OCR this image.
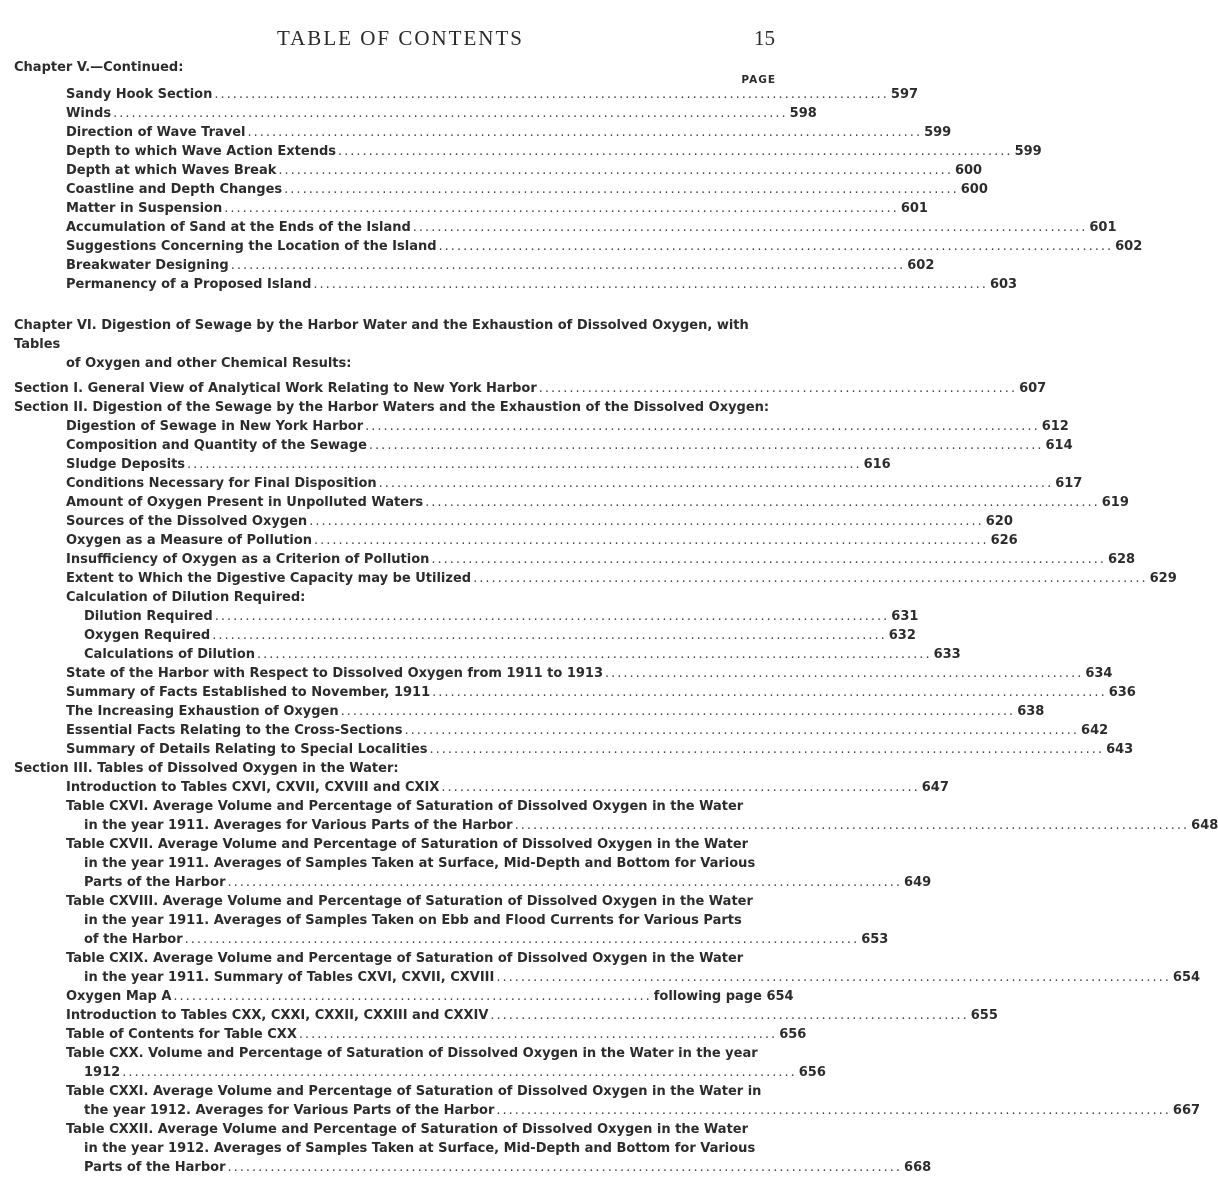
TABLE OF CONTENTS	15
Chapter V.—Continued:
PAGE
Sandy Hook Section .............................................................................................................. 597
Winds .............................................................................................................. 598
Direction of Wave Travel .............................................................................................................. 599
Depth to which Wave Action Extends .............................................................................................................. 599
Depth at which Waves Break .............................................................................................................. 600
Coastline and Depth Changes .............................................................................................................. 600
Matter in Suspension .............................................................................................................. 601
Accumulation of Sand at the Ends of the Island .............................................................................................................. 601
Suggestions Concerning the Location of the Island .............................................................................................................. 602
Breakwater Designing .............................................................................................................. 602
Permanency of a Proposed Island .............................................................................................................. 603
Chapter VI. Digestion of Sewage by the Harbor Water and the Exhaustion of Dissolved Oxygen, with Tables
of Oxygen and other Chemical Results:
Section I. General View of Analytical Work Relating to New York Harbor .............................................................................. 607
Section II. Digestion of the Sewage by the Harbor Waters and the Exhaustion of the Dissolved Oxygen:
Digestion of Sewage in New York Harbor .............................................................................................................. 612
Composition and Quantity of the Sewage .............................................................................................................. 614
Sludge Deposits .............................................................................................................. 616
Conditions Necessary for Final Disposition .............................................................................................................. 617
Amount of Oxygen Present in Unpolluted Waters .............................................................................................................. 619
Sources of the Dissolved Oxygen .............................................................................................................. 620
Oxygen as a Measure of Pollution .............................................................................................................. 626
Insufficiency of Oxygen as a Criterion of Pollution .............................................................................................................. 628
Extent to Which the Digestive Capacity may be Utilized .............................................................................................................. 629
Calculation of Dilution Required:
Dilution Required .............................................................................................................. 631
Oxygen Required .............................................................................................................. 632
Calculations of Dilution .............................................................................................................. 633
State of the Harbor with Respect to Dissolved Oxygen from 1911 to 1913 .............................................................................. 634
Summary of Facts Established to November, 1911 .............................................................................................................. 636
The Increasing Exhaustion of Oxygen .............................................................................................................. 638
Essential Facts Relating to the Cross-Sections .............................................................................................................. 642
Summary of Details Relating to Special Localities .............................................................................................................. 643
Section III. Tables of Dissolved Oxygen in the Water:
Introduction to Tables CXVI, CXVII, CXVIII and CXIX .............................................................................. 647
Table CXVI. Average Volume and Percentage of Saturation of Dissolved Oxygen in the Water
in the year 1911. Averages for Various Parts of the Harbor .............................................................................................................. 648
Table CXVII. Average Volume and Percentage of Saturation of Dissolved Oxygen in the Water
in the year 1911. Averages of Samples Taken at Surface, Mid-Depth and Bottom for Various
Parts of the Harbor .............................................................................................................. 649
Table CXVIII. Average Volume and Percentage of Saturation of Dissolved Oxygen in the Water
in the year 1911. Averages of Samples Taken on Ebb and Flood Currents for Various Parts
of the Harbor .............................................................................................................. 653
Table CXIX. Average Volume and Percentage of Saturation of Dissolved Oxygen in the Water
in the year 1911. Summary of Tables CXVI, CXVII, CXVIII .............................................................................................................. 654
Oxygen Map A .............................................................................. following page 654
Introduction to Tables CXX, CXXI, CXXII, CXXIII and CXXIV .............................................................................. 655
Table of Contents for Table CXX .............................................................................. 656
Table CXX. Volume and Percentage of Saturation of Dissolved Oxygen in the Water in the year
1912 .............................................................................................................. 656
Table CXXI. Average Volume and Percentage of Saturation of Dissolved Oxygen in the Water in
the year 1912. Averages for Various Parts of the Harbor .............................................................................................................. 667
Table CXXII. Average Volume and Percentage of Saturation of Dissolved Oxygen in the Water
in the year 1912. Averages of Samples Taken at Surface, Mid-Depth and Bottom for Various
Parts of the Harbor .............................................................................................................. 668
